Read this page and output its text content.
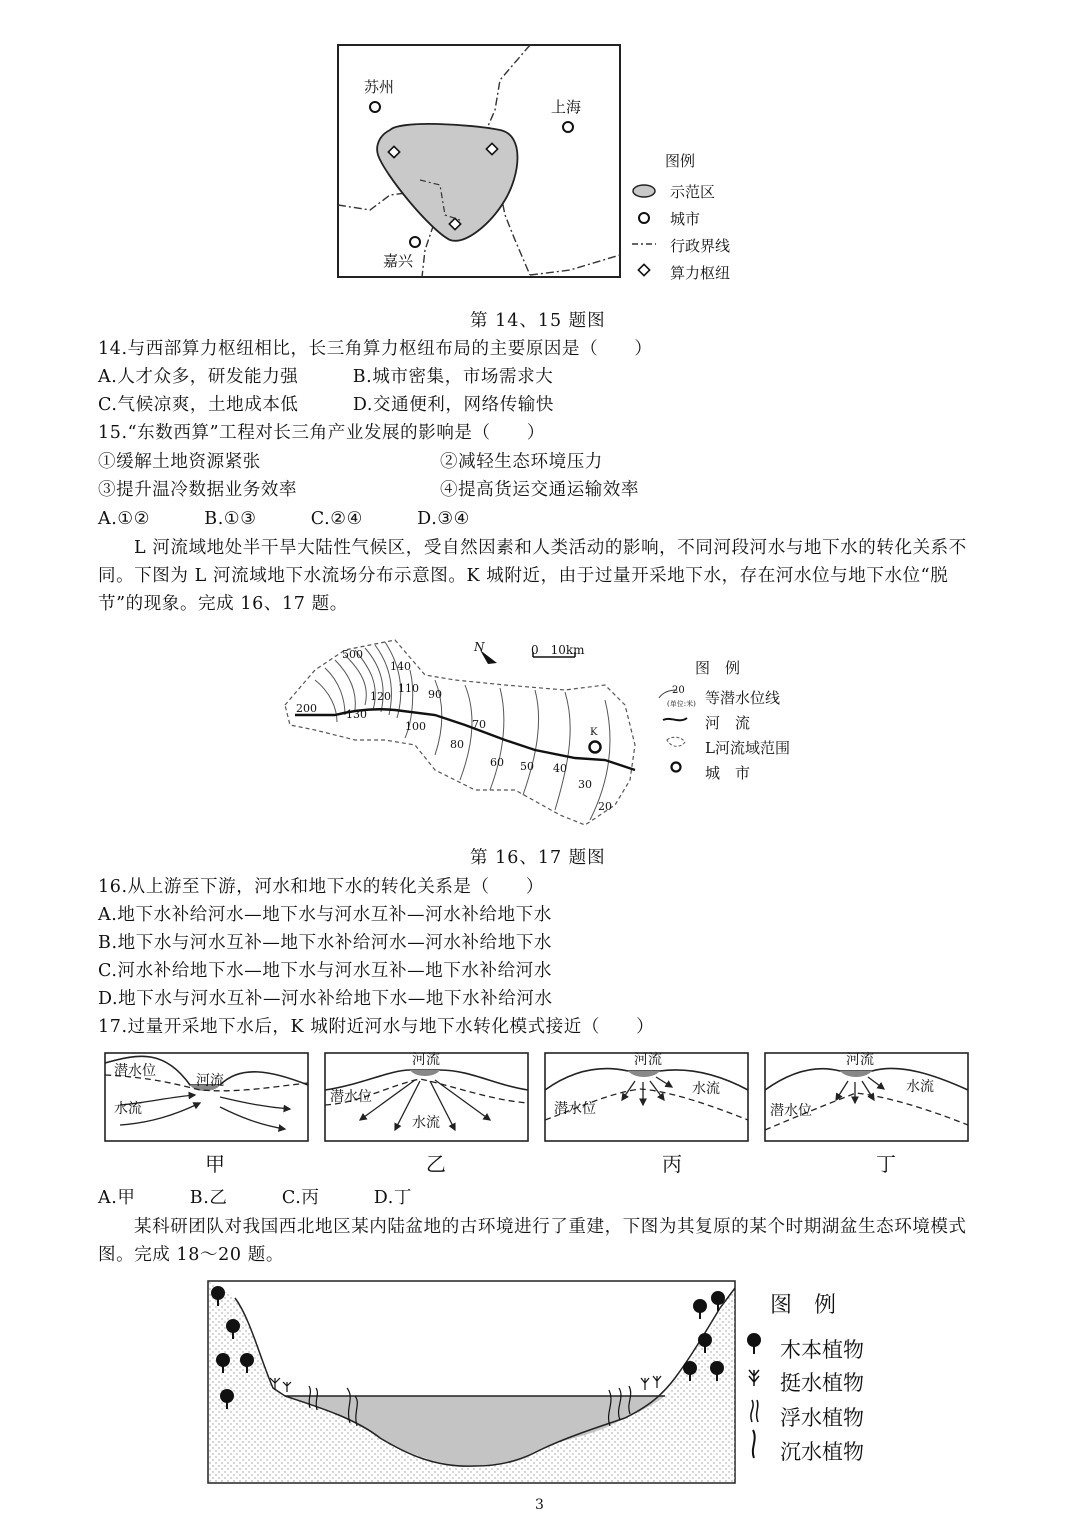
苏州
上海
嘉兴
图例
示范区
城市
行政界线
算力枢纽
第 14、15 题图
14.与西部算力枢纽相比，长三角算力枢纽布局的主要原因是（　　）
A.人才众多，研发能力强　　　B.城市密集，市场需求大
C.气候凉爽，土地成本低　　　D.交通便利，网络传输快
15.“东数西算”工程对长三角产业发展的影响是（　　）
①缓解土地资源紧张	②减轻生态环境压力
③提升温冷数据业务效率	④提高货运交通运输效率
A.①②　　　B.①③　　　C.②④　　　D.③④
L 河流域地处半干旱大陆性气候区，受自然因素和人类活动的影响，不同河段河水与地下水的转化关系不同。下图为 L 河流域地下水流场分布示意图。K 城附近，由于过量开采地下水，存在河水位与地下水位“脱节”的现象。完成 16、17 题。
500
140
120
110 90
200	130
100
80
70
60 50 40
30
20
N	0　10km
K
图　例
20
(单位:米) 等潜水位线
河　流
L河流域范围
城　市
第 16、17 题图
16.从上游至下游，河水和地下水的转化关系是（　　）
A.地下水补给河水—地下水与河水互补—河水补给地下水
B.地下水与河水互补—地下水补给河水—河水补给地下水
C.河水补给地下水—地下水与河水互补—地下水补给河水
D.地下水与河水互补—河水补给地下水—地下水补给河水
17.过量开采地下水后，K 城附近河水与地下水转化模式接近（　　）
潜水位
河流
水流
潜水位
河流
水流
潜水位
河流
水流
潜水位
河流
水流
甲	乙	丙	丁
A.甲　　　B.乙　　　C.丙　　　D.丁
某科研团队对我国西北地区某内陆盆地的古环境进行了重建，下图为其复原的某个时期湖盆生态环境模式图。完成 18～20 题。
图　例
木本植物
挺水植物
浮水植物
沉水植物
3
